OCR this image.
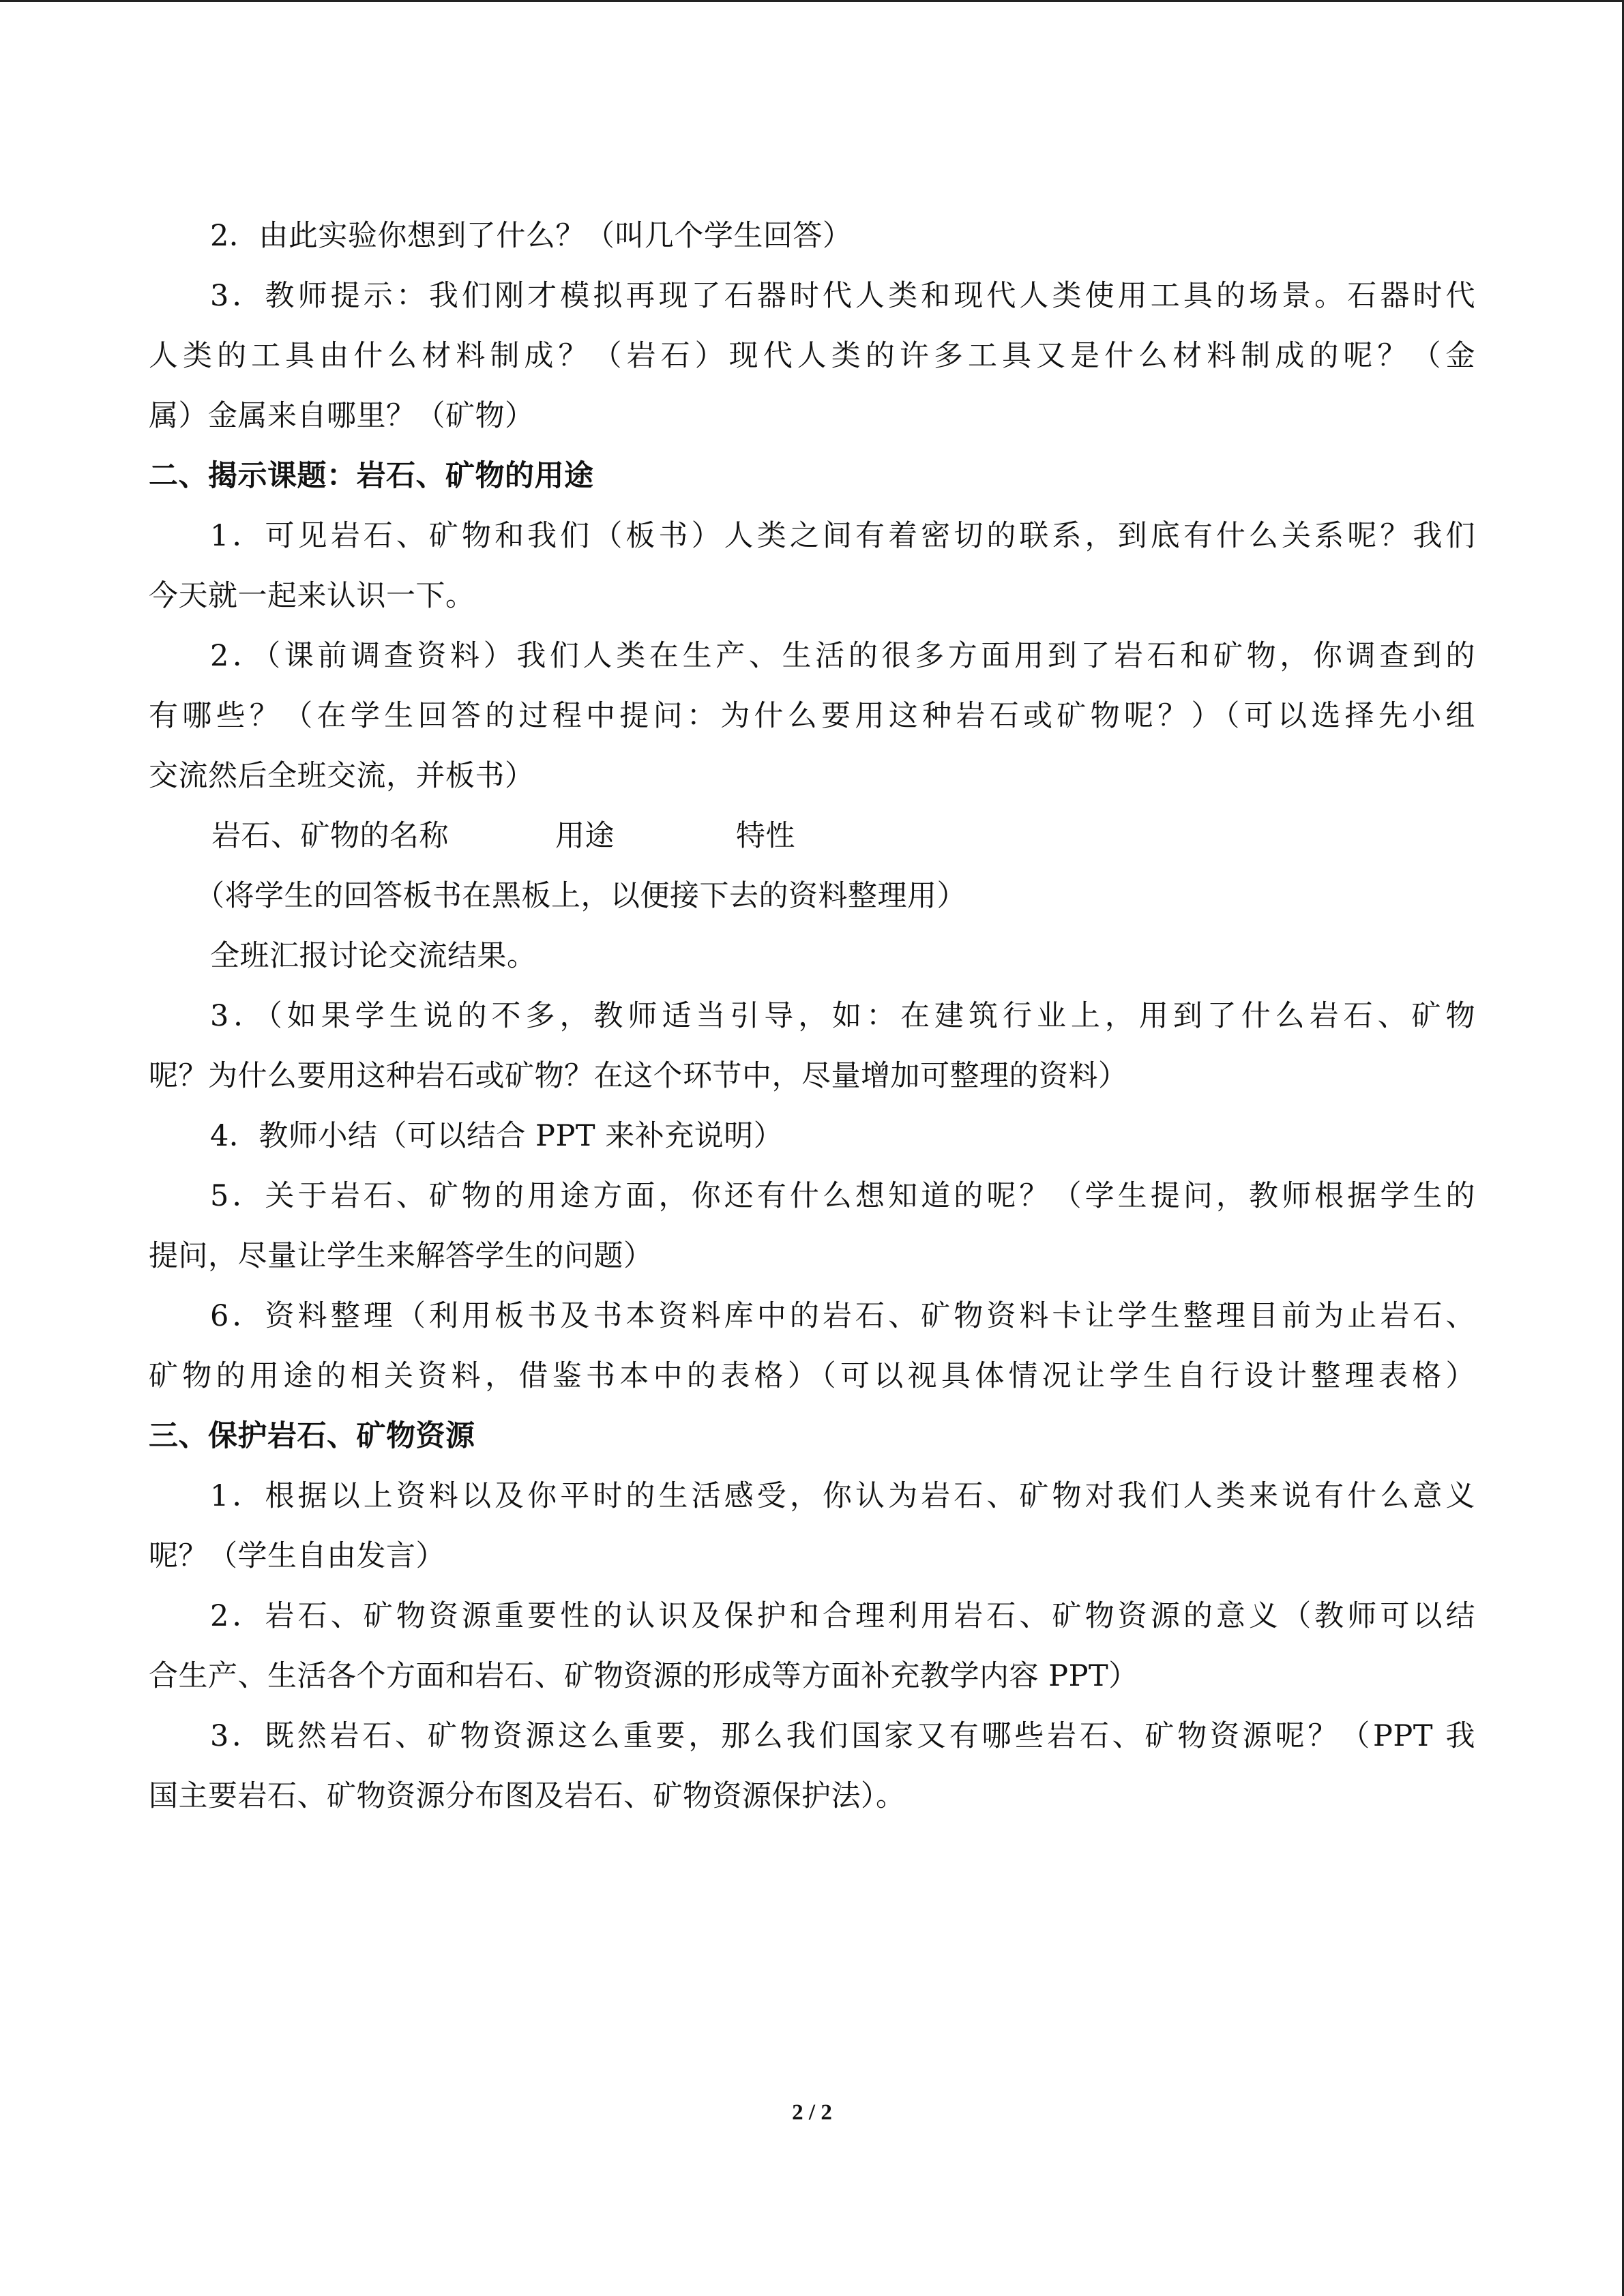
2．由此实验你想到了什么？（叫几个学生回答）
3．教师提示：我们刚才模拟再现了石器时代人类和现代人类使用工具的场景。石器时代
人类的工具由什么材料制成？（岩石）现代人类的许多工具又是什么材料制成的呢？（金
属）金属来自哪里？（矿物）
二、揭示课题：岩石、矿物的用途
1．可见岩石、矿物和我们（板书）人类之间有着密切的联系，到底有什么关系呢？我们
今天就一起来认识一下。
2．（课前调查资料）我们人类在生产、生活的很多方面用到了岩石和矿物，你调查到的
有哪些？（在学生回答的过程中提问：为什么要用这种岩石或矿物呢？）（可以选择先小组
交流然后全班交流，并板书）
岩石、矿物的名称	用途	特性
（将学生的回答板书在黑板上，以便接下去的资料整理用）
全班汇报讨论交流结果。
3．（如果学生说的不多，教师适当引导，如：在建筑行业上，用到了什么岩石、矿物
呢？为什么要用这种岩石或矿物？在这个环节中，尽量增加可整理的资料）
4．教师小结（可以结合 PPT 来补充说明）
5．关于岩石、矿物的用途方面，你还有什么想知道的呢？（学生提问，教师根据学生的
提问，尽量让学生来解答学生的问题）
6．资料整理（利用板书及书本资料库中的岩石、矿物资料卡让学生整理目前为止岩石、
矿物的用途的相关资料，借鉴书本中的表格）（可以视具体情况让学生自行设计整理表格）
三、保护岩石、矿物资源
1．根据以上资料以及你平时的生活感受，你认为岩石、矿物对我们人类来说有什么意义
呢？（学生自由发言）
2．岩石、矿物资源重要性的认识及保护和合理利用岩石、矿物资源的意义（教师可以结
合生产、生活各个方面和岩石、矿物资源的形成等方面补充教学内容 PPT）
3．既然岩石、矿物资源这么重要，那么我们国家又有哪些岩石、矿物资源呢？（PPT 我
国主要岩石、矿物资源分布图及岩石、矿物资源保护法）。
2 / 2
